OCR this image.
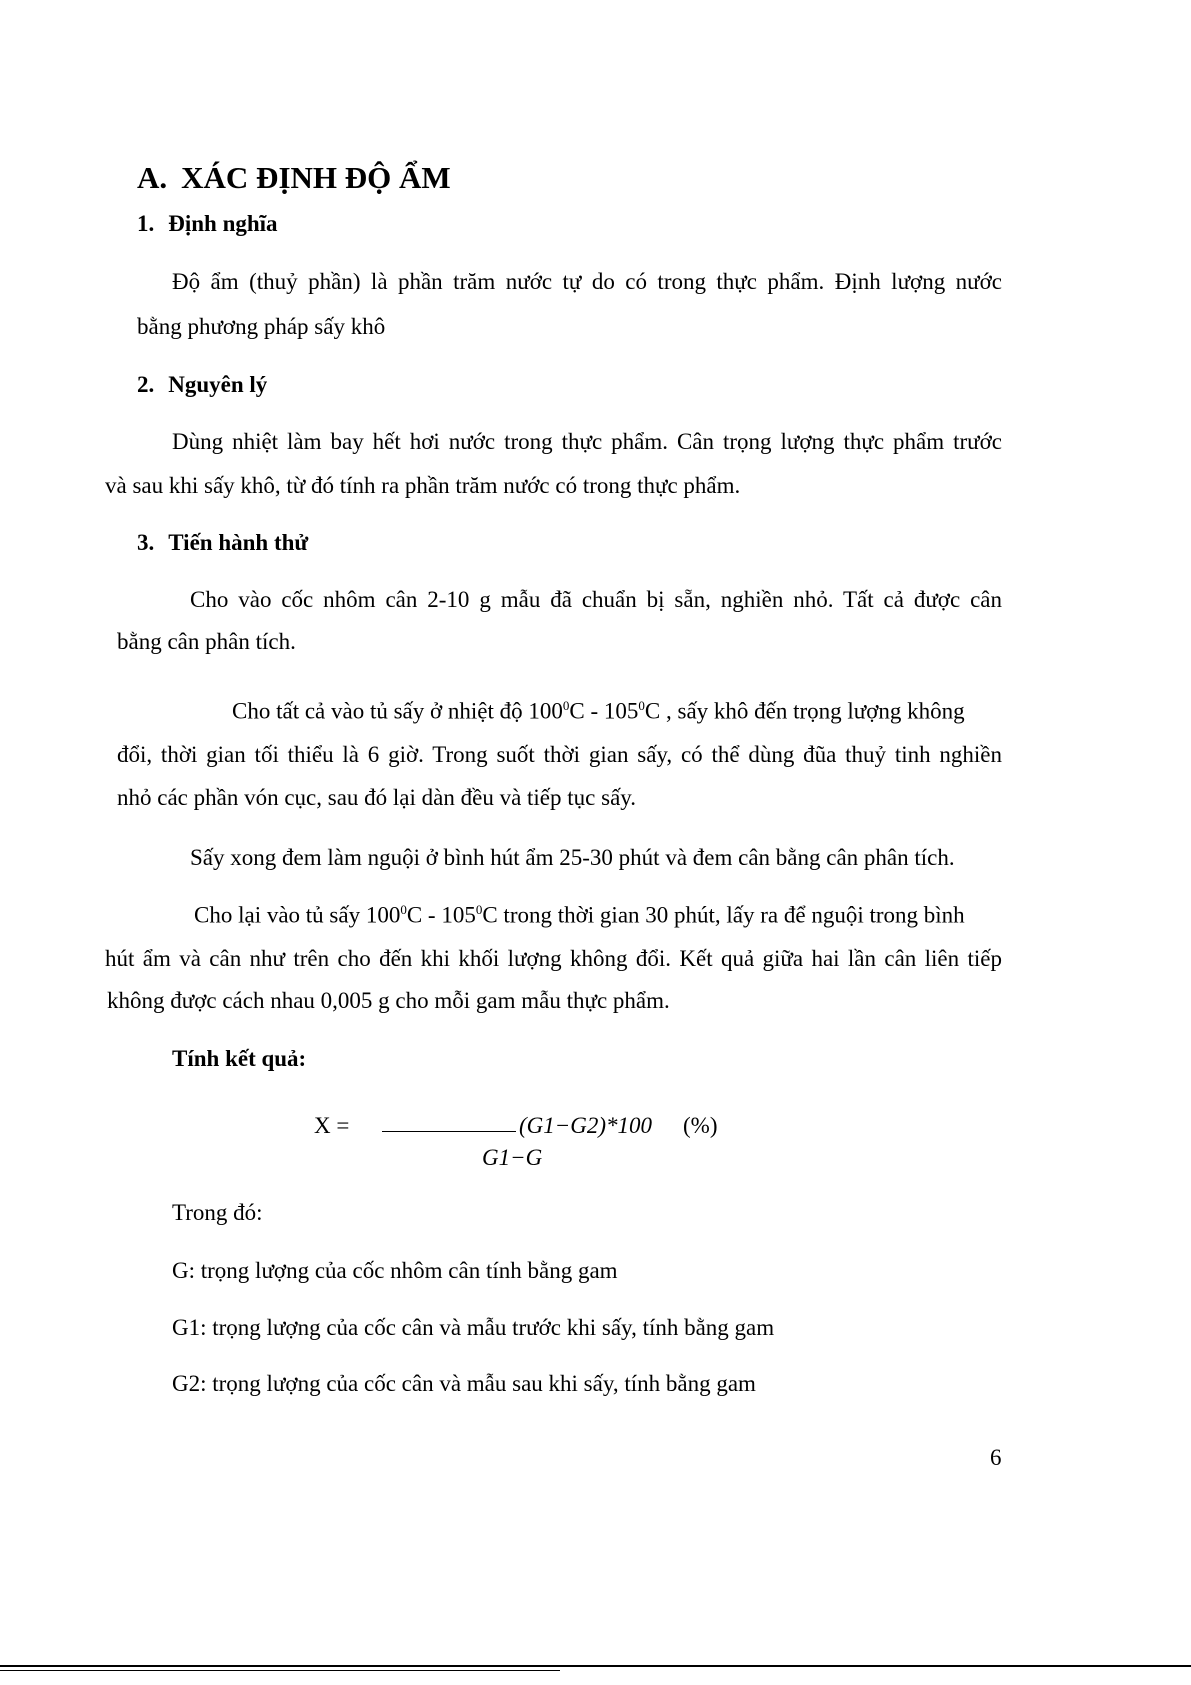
A. XÁC ĐỊNH ĐỘ ẨM
1. Định nghĩa
Độ ẩm (thuỷ phần) là phần trăm nước tự do có trong thực phẩm. Định lượng nước
bằng phương pháp sấy khô
2. Nguyên lý
Dùng nhiệt làm bay hết hơi nước trong thực phẩm. Cân trọng lượng thực phẩm trước
và sau khi sấy khô, từ đó tính ra phần trăm nước có trong thực phẩm.
3. Tiến hành thử
Cho vào cốc nhôm cân 2-10 g mẫu đã chuẩn bị sẵn, nghiền nhỏ. Tất cả được cân
bằng cân phân tích.
Cho tất cả vào tủ sấy ở nhiệt độ $100^0C - 105^0C$ , sấy khô đến trọng lượng không
đổi, thời gian tối thiểu là 6 giờ. Trong suốt thời gian sấy, có thể dùng đũa thuỷ tinh nghiền
nhỏ các phần vón cục, sau đó lại dàn đều và tiếp tục sấy.
Sấy xong đem làm nguội ở bình hút ẩm 25-30 phút và đem cân bằng cân phân tích.
Cho lại vào tủ sấy $100^0C - 105^0C$ trong thời gian 30 phút, lấy ra để nguội trong bình
hút ẩm và cân như trên cho đến khi khối lượng không đổi. Kết quả giữa hai lần cân liên tiếp
không được cách nhau 0,005 g cho mỗi gam mẫu thực phẩm.
Tính kết quả:
X =	(G1−G2)*100 (%)
G1−G
Trong đó:
G: trọng lượng của cốc nhôm cân tính bằng gam
G1: trọng lượng của cốc cân và mẫu trước khi sấy, tính bằng gam
G2: trọng lượng của cốc cân và mẫu sau khi sấy, tính bằng gam
6
